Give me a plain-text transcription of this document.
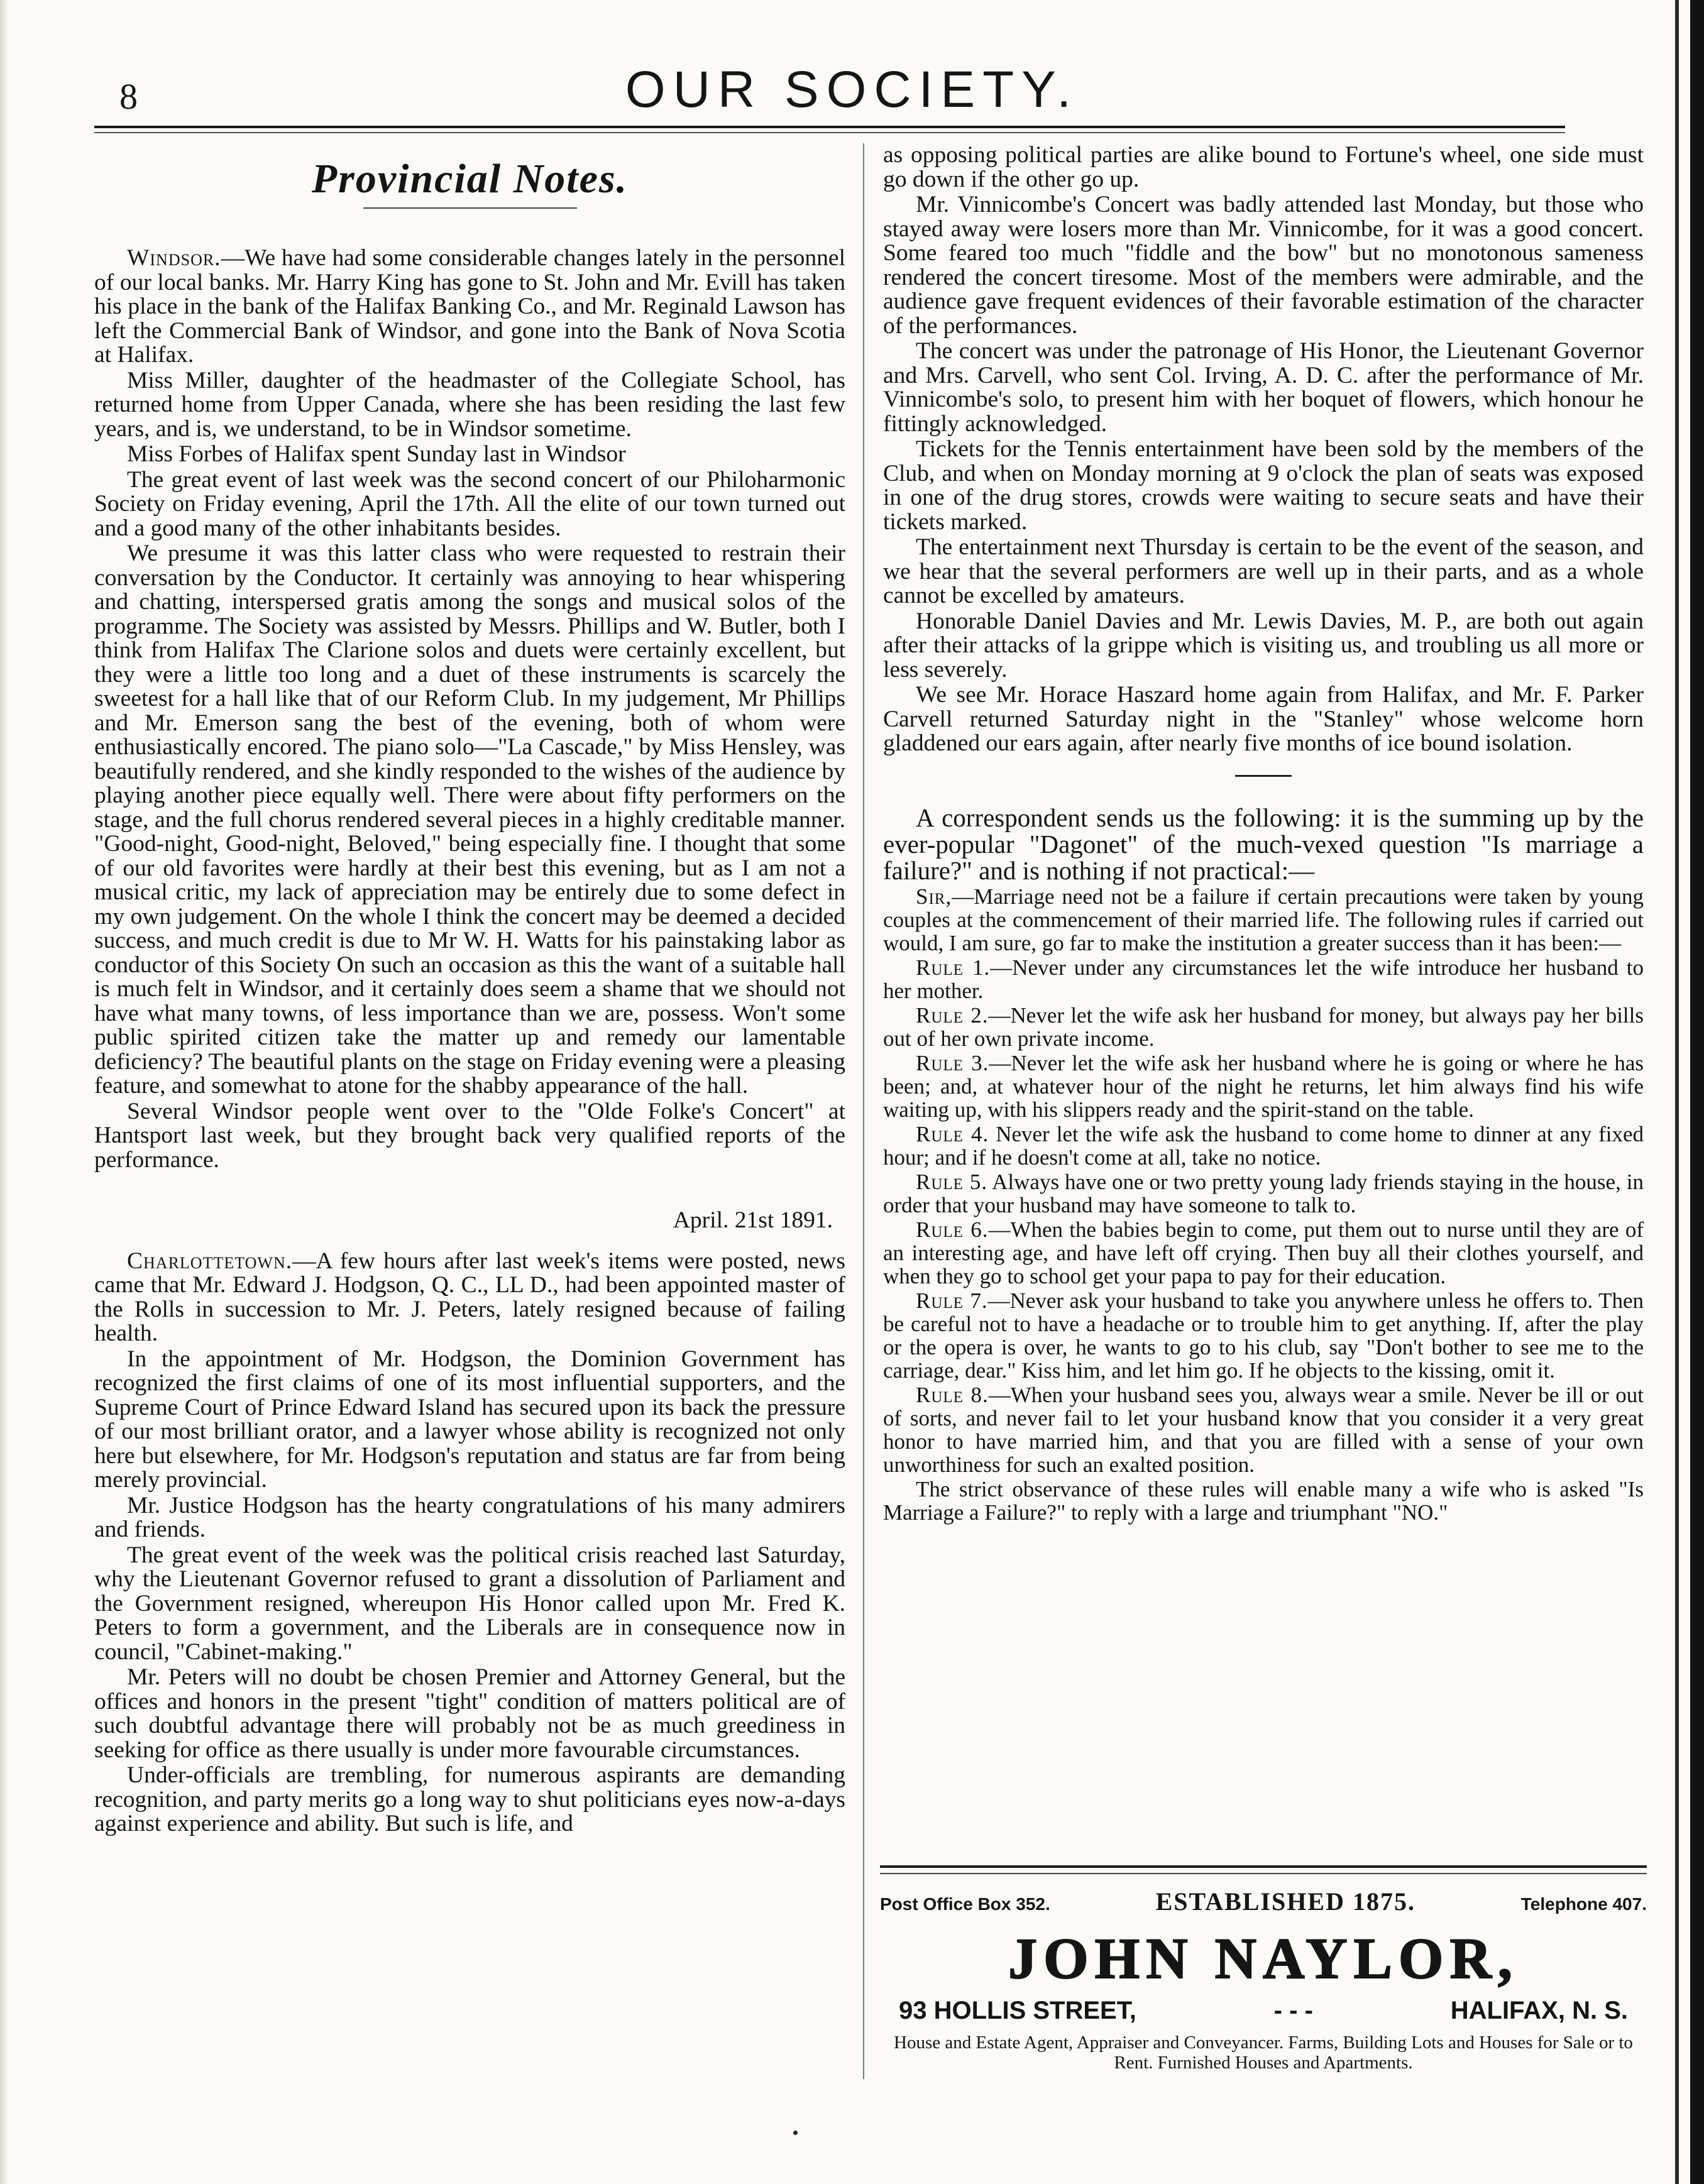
8	OUR SOCIETY.
Provincial Notes.

Windsor.—We have had some considerable changes lately in the personnel of our local banks. Mr. Harry King has gone to St. John and Mr. Evill has taken his place in the bank of the Halifax Banking Co., and Mr. Reginald Lawson has left the Commercial Bank of Windsor, and gone into the Bank of Nova Scotia at Halifax.

Miss Miller, daughter of the headmaster of the Collegiate School, has returned home from Upper Canada, where she has been residing the last few years, and is, we understand, to be in Windsor sometime.

Miss Forbes of Halifax spent Sunday last in Windsor

The great event of last week was the second concert of our Philoharmonic Society on Friday evening, April the 17th. All the elite of our town turned out and a good many of the other inhabitants besides.

We presume it was this latter class who were requested to restrain their conversation by the Conductor. It certainly was annoying to hear whispering and chatting, interspersed gratis among the songs and musical solos of the programme. The Society was assisted by Messrs. Phillips and W. Butler, both I think from Halifax The Clarione solos and duets were certainly excellent, but they were a little too long and a duet of these instruments is scarcely the sweetest for a hall like that of our Reform Club. In my judgement, Mr Phillips and Mr. Emerson sang the best of the evening, both of whom were enthusiastically encored. The piano solo—"La Cascade," by Miss Hensley, was beautifully rendered, and she kindly responded to the wishes of the audience by playing another piece equally well. There were about fifty performers on the stage, and the full chorus rendered several pieces in a highly creditable manner. "Good-night, Good-night, Beloved," being especially fine. I thought that some of our old favorites were hardly at their best this evening, but as I am not a musical critic, my lack of appreciation may be entirely due to some defect in my own judgement. On the whole I think the concert may be deemed a decided success, and much credit is due to Mr W. H. Watts for his painstaking labor as conductor of this Society On such an occasion as this the want of a suitable hall is much felt in Windsor, and it certainly does seem a shame that we should not have what many towns, of less importance than we are, possess. Won't some public spirited citizen take the matter up and remedy our lamentable deficiency? The beautiful plants on the stage on Friday evening were a pleasing feature, and somewhat to atone for the shabby appearance of the hall.

Several Windsor people went over to the "Olde Folke's Concert" at Hantsport last week, but they brought back very qualified reports of the performance.

April. 21st 1891.

Charlottetown.—A few hours after last week's items were posted, news came that Mr. Edward J. Hodgson, Q. C., LL D., had been appointed master of the Rolls in succession to Mr. J. Peters, lately resigned because of failing health.

In the appointment of Mr. Hodgson, the Dominion Government has recognized the first claims of one of its most influential supporters, and the Supreme Court of Prince Edward Island has secured upon its back the pressure of our most brilliant orator, and a lawyer whose ability is recognized not only here but elsewhere, for Mr. Hodgson's reputation and status are far from being merely provincial.

Mr. Justice Hodgson has the hearty congratulations of his many admirers and friends.

The great event of the week was the political crisis reached last Saturday, why the Lieutenant Governor refused to grant a dissolution of Parliament and the Government resigned, whereupon His Honor called upon Mr. Fred K. Peters to form a government, and the Liberals are in consequence now in council, "Cabinet-making."

Mr. Peters will no doubt be chosen Premier and Attorney General, but the offices and honors in the present "tight" condition of matters political are of such doubtful advantage there will probably not be as much greediness in seeking for office as there usually is under more favourable circumstances.

Under-officials are trembling, for numerous aspirants are demanding recognition, and party merits go a long way to shut politicians eyes now-a-days against experience and ability. But such is life, and

as opposing political parties are alike bound to Fortune's wheel, one side must go down if the other go up.

Mr. Vinnicombe's Concert was badly attended last Monday, but those who stayed away were losers more than Mr. Vinnicombe, for it was a good concert. Some feared too much "fiddle and the bow" but no monotonous sameness rendered the concert tiresome. Most of the members were admirable, and the audience gave frequent evidences of their favorable estimation of the character of the performances.

The concert was under the patronage of His Honor, the Lieutenant Governor and Mrs. Carvell, who sent Col. Irving, A. D. C. after the performance of Mr. Vinnicombe's solo, to present him with her boquet of flowers, which honour he fittingly acknowledged.

Tickets for the Tennis entertainment have been sold by the members of the Club, and when on Monday morning at 9 o'clock the plan of seats was exposed in one of the drug stores, crowds were waiting to secure seats and have their tickets marked.

The entertainment next Thursday is certain to be the event of the season, and we hear that the several performers are well up in their parts, and as a whole cannot be excelled by amateurs.

Honorable Daniel Davies and Mr. Lewis Davies, M. P., are both out again after their attacks of la grippe which is visiting us, and troubling us all more or less severely.

We see Mr. Horace Haszard home again from Halifax, and Mr. F. Parker Carvell returned Saturday night in the "Stanley" whose welcome horn gladdened our ears again, after nearly five months of ice bound isolation.

A correspondent sends us the following: it is the summing up by the ever-popular "Dagonet" of the much-vexed question "Is marriage a failure?" and is nothing if not practical:—

Sir,—Marriage need not be a failure if certain precautions were taken by young couples at the commencement of their married life. The following rules if carried out would, I am sure, go far to make the institution a greater success than it has been:—

Rule 1.—Never under any circumstances let the wife introduce her husband to her mother.

Rule 2.—Never let the wife ask her husband for money, but always pay her bills out of her own private income.

Rule 3.—Never let the wife ask her husband where he is going or where he has been; and, at whatever hour of the night he returns, let him always find his wife waiting up, with his slippers ready and the spirit-stand on the table.

Rule 4. Never let the wife ask the husband to come home to dinner at any fixed hour; and if he doesn't come at all, take no notice.

Rule 5. Always have one or two pretty young lady friends staying in the house, in order that your husband may have someone to talk to.

Rule 6.—When the babies begin to come, put them out to nurse until they are of an interesting age, and have left off crying. Then buy all their clothes yourself, and when they go to school get your papa to pay for their education.

Rule 7.—Never ask your husband to take you anywhere unless he offers to. Then be careful not to have a headache or to trouble him to get anything. If, after the play or the opera is over, he wants to go to his club, say "Don't bother to see me to the carriage, dear." Kiss him, and let him go. If he objects to the kissing, omit it.

Rule 8.—When your husband sees you, always wear a smile. Never be ill or out of sorts, and never fail to let your husband know that you consider it a very great honor to have married him, and that you are filled with a sense of your own unworthiness for such an exalted position.

The strict observance of these rules will enable many a wife who is asked "Is Marriage a Failure?" to reply with a large and triumphant "NO."

Post Office Box 352.	ESTABLISHED 1875.	Telephone 407.
JOHN NAYLOR,
93 HOLLIS STREET,	- - -	HALIFAX, N. S.
House and Estate Agent, Appraiser and Conveyancer. Farms, Building Lots and Houses for Sale or to Rent. Furnished Houses and Apartments.
